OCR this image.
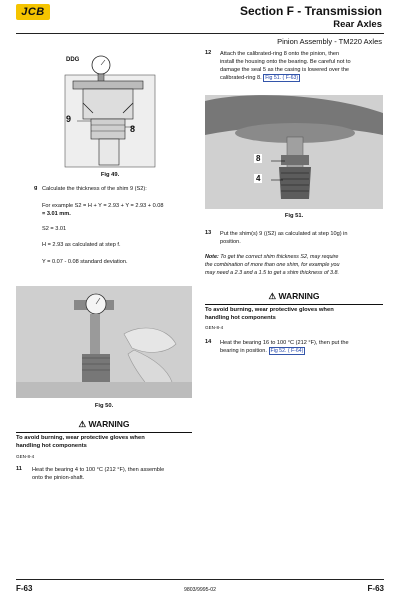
JCB	Section F - Transmission
Rear Axles
Pinion Assembly - TM220 Axles
DDG
9
8
Fig 49.
g Calculate the thickness of the shim 9 (S2):
For example S2 = H + Y = 2.93 + Y = 2.93 + 0.08
= 3.01 mm.
S2 = 3.01
H = 2.93 as calculated at step f.
Y = 0.07 - 0.08 standard deviation.
Fig 50.
⚠ WARNING
To avoid burning, wear protective gloves when
handling hot components
GEN-8-4
11 Heat the bearing 4 to 100 °C (212 °F), then assemble
onto the pinion-shaft.
12 Attach the calibrated-ring 8 onto the pinion, then
install the housing onto the bearing. Be careful not to
damage the seal 5 as the casing is lowered over the
calibrated-ring 8. Fig 51. ( F-63)
8
4
Fig 51.
13 Put the shim(s) 9 ((S2) as calculated at step 10g) in
position.
Note: To get the correct shim thickness S2, may require
the combination of more than one shim, for example you
may need a 2.3 and a 1.5 to get a shim thickness of 3.8.
⚠ WARNING
To avoid burning, wear protective gloves when
handling hot components
GEN-8-4
14 Heat the bearing 16 to 100 °C (212 °F), then put the
bearing in position. Fig 52. ( F-64)
F-63	9803/9995-02	F-63
